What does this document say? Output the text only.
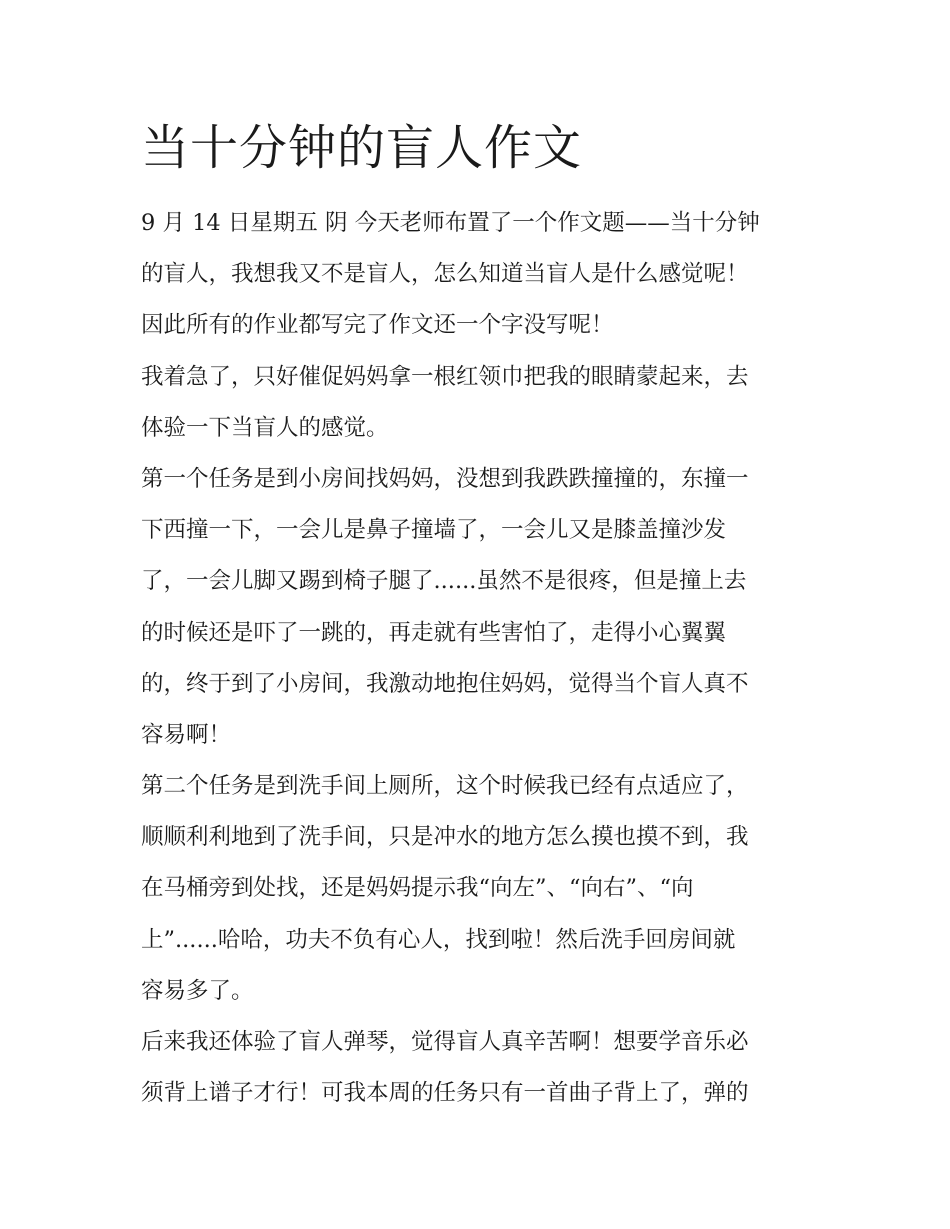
当十分钟的盲人作文
9 月 14 日星期五 阴 今天老师布置了一个作文题——当十分钟
的盲人，我想我又不是盲人，怎么知道当盲人是什么感觉呢！
因此所有的作业都写完了作文还一个字没写呢！
我着急了，只好催促妈妈拿一根红领巾把我的眼睛蒙起来，去
体验一下当盲人的感觉。
第一个任务是到小房间找妈妈，没想到我跌跌撞撞的，东撞一
下西撞一下，一会儿是鼻子撞墙了，一会儿又是膝盖撞沙发
了，一会儿脚又踢到椅子腿了......虽然不是很疼，但是撞上去
的时候还是吓了一跳的，再走就有些害怕了，走得小心翼翼
的，终于到了小房间，我激动地抱住妈妈，觉得当个盲人真不
容易啊！
第二个任务是到洗手间上厕所，这个时候我已经有点适应了，
顺顺利利地到了洗手间，只是冲水的地方怎么摸也摸不到，我
在马桶旁到处找，还是妈妈提示我“向左”、“向右”、“向
上”......哈哈，功夫不负有心人，找到啦！然后洗手回房间就
容易多了。
后来我还体验了盲人弹琴，觉得盲人真辛苦啊！想要学音乐必
须背上谱子才行！可我本周的任务只有一首曲子背上了，弹的
